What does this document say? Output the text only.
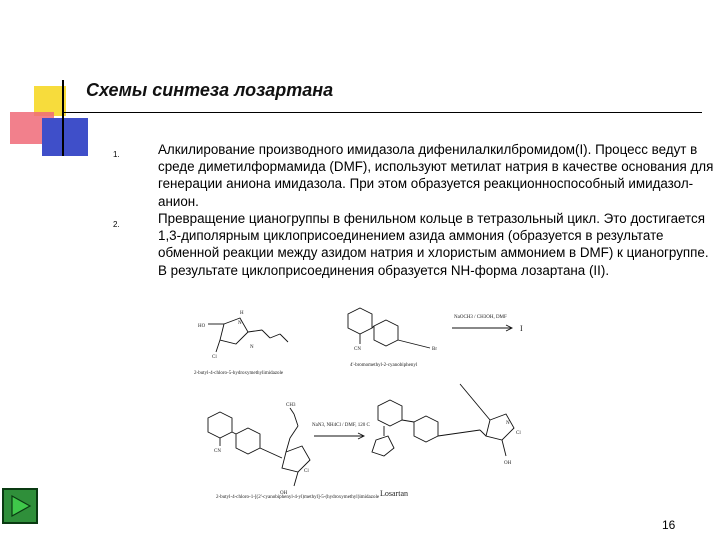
Схемы синтеза лозартана
1.	Алкилирование производного имидазола дифенилалкилбромидом(I). Процесс ведут в среде диметилформамида (DMF), используют метилат натрия в качестве основания для генерации аниона имидазола. При этом образуется реакционноспособный имидазол-анион.
2.	Превращение цианогруппы в фенильном кольце в тетразольный цикл. Это достигается 1,3-диполярным циклоприсоединением азида аммония (образуется в результате обменной реакции между азидом натрия и хлористым аммонием в DMF) к цианогруппе. В результате циклоприсоединения образуется NH-форма лозартана (II).
HO
Cl
H
N
N
2-butyl-4-chloro-5-hydroxymethylimidazole
CN	Br
4'-bromomethyl-2-cyanobiphenyl
NaOCH3 / CH3OH, DMF
I
N
Cl
OH
CH3
CN
Cl
OH
2-butyl-4-chloro-1-[(2'-cyanobiphenyl-4-yl)methyl]-5-(hydroxymethyl)imidazole
NaN3, NH4Cl / DMF, 120 C
Losartan
16
